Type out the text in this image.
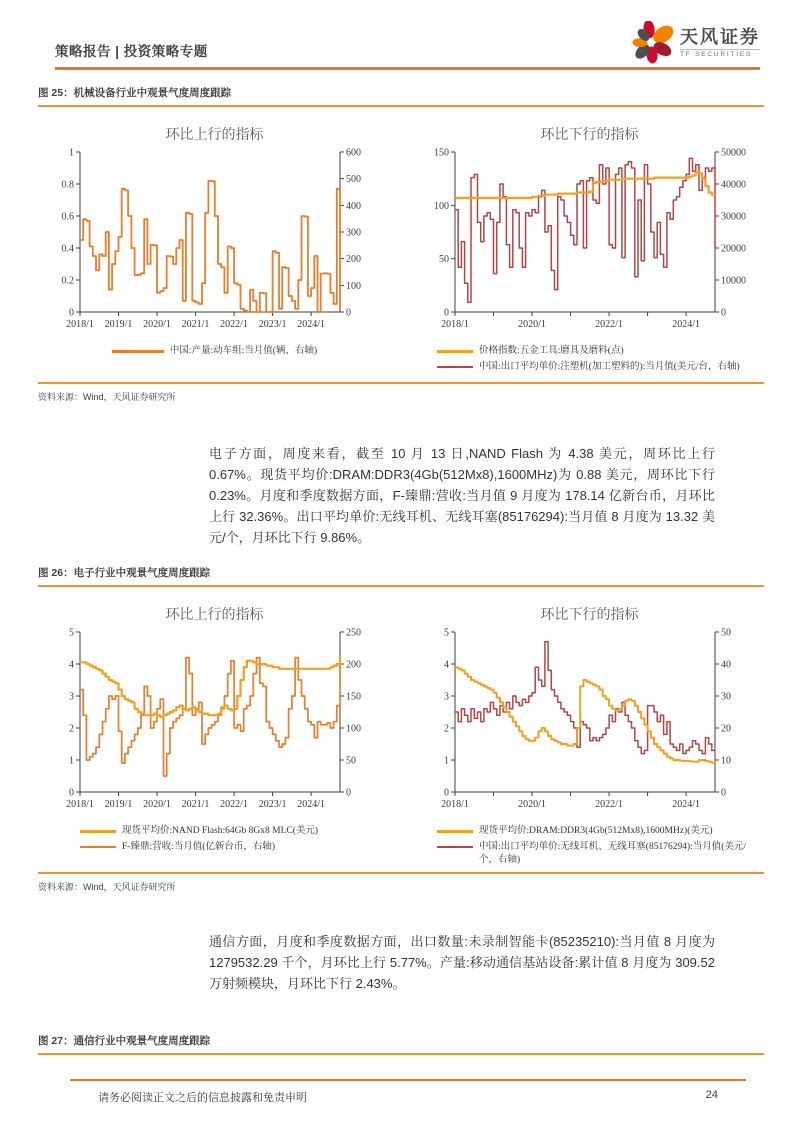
策略报告 | 投资策略专题
天风证券
TF SECURITIES
图 25：机械设备行业中观景气度周度跟踪
环比上行的指标
0
0.2
0.4
0.6
0.8
1
0
100
200
300
400
500
600
2018/1 2019/1 2020/1 2021/1 2022/1 2023/1 2024/1
中国:产量:动车组:当月值(辆，右轴)
环比下行的指标
0
50
100
150
0
10000
20000
30000
40000
50000
2018/1	2020/1	2022/1	2024/1
价格指数:五金工具:磨具及磨料(点)
中国:出口平均单价:注塑机(加工塑料的):当月值(美元/台，右轴)
资料来源：Wind，天风证券研究所
电子方面，周度来看，截至 10 月 13 日,NAND Flash 为 4.38 美元，周环比上行 0.67%。现货平均价:DRAM:DDR3(4Gb(512Mx8),1600MHz)为 0.88 美元，周环比下行 0.23%。月度和季度数据方面，F-臻鼎:营收:当月值 9 月度为 178.14 亿新台币，月环比上行 32.36%。出口平均单价:无线耳机、无线耳塞(85176294):当月值 8 月度为 13.32 美元/个，月环比下行 9.86%。
图 26：电子行业中观景气度周度跟踪
环比上行的指标
0
1
2
3
4
5
0
50
100
150
200
250
2018/1 2019/1 2020/1 2021/1 2022/1 2023/1 2024/1
现货平均价:NAND Flash:64Gb 8Gx8 MLC(美元)
F-臻鼎:营收:当月值(亿新台币，右轴)
环比下行的指标
0
1
2
3
4
5
0
10
20
30
40
50
2018/1	2020/1	2022/1	2024/1
现货平均价:DRAM:DDR3(4Gb(512Mx8),1600MHz)(美元)
中国:出口平均单价:无线耳机、无线耳塞(85176294):当月值(美元/个，右轴)
资料来源：Wind，天风证券研究所
通信方面，月度和季度数据方面，出口数量:未录制智能卡(85235210):当月值 8 月度为 1279532.29 千个，月环比上行 5.77%。产量:移动通信基站设备:累计值 8 月度为 309.52 万射频模块，月环比下行 2.43%。
图 27：通信行业中观景气度周度跟踪
请务必阅读正文之后的信息披露和免责申明	24
